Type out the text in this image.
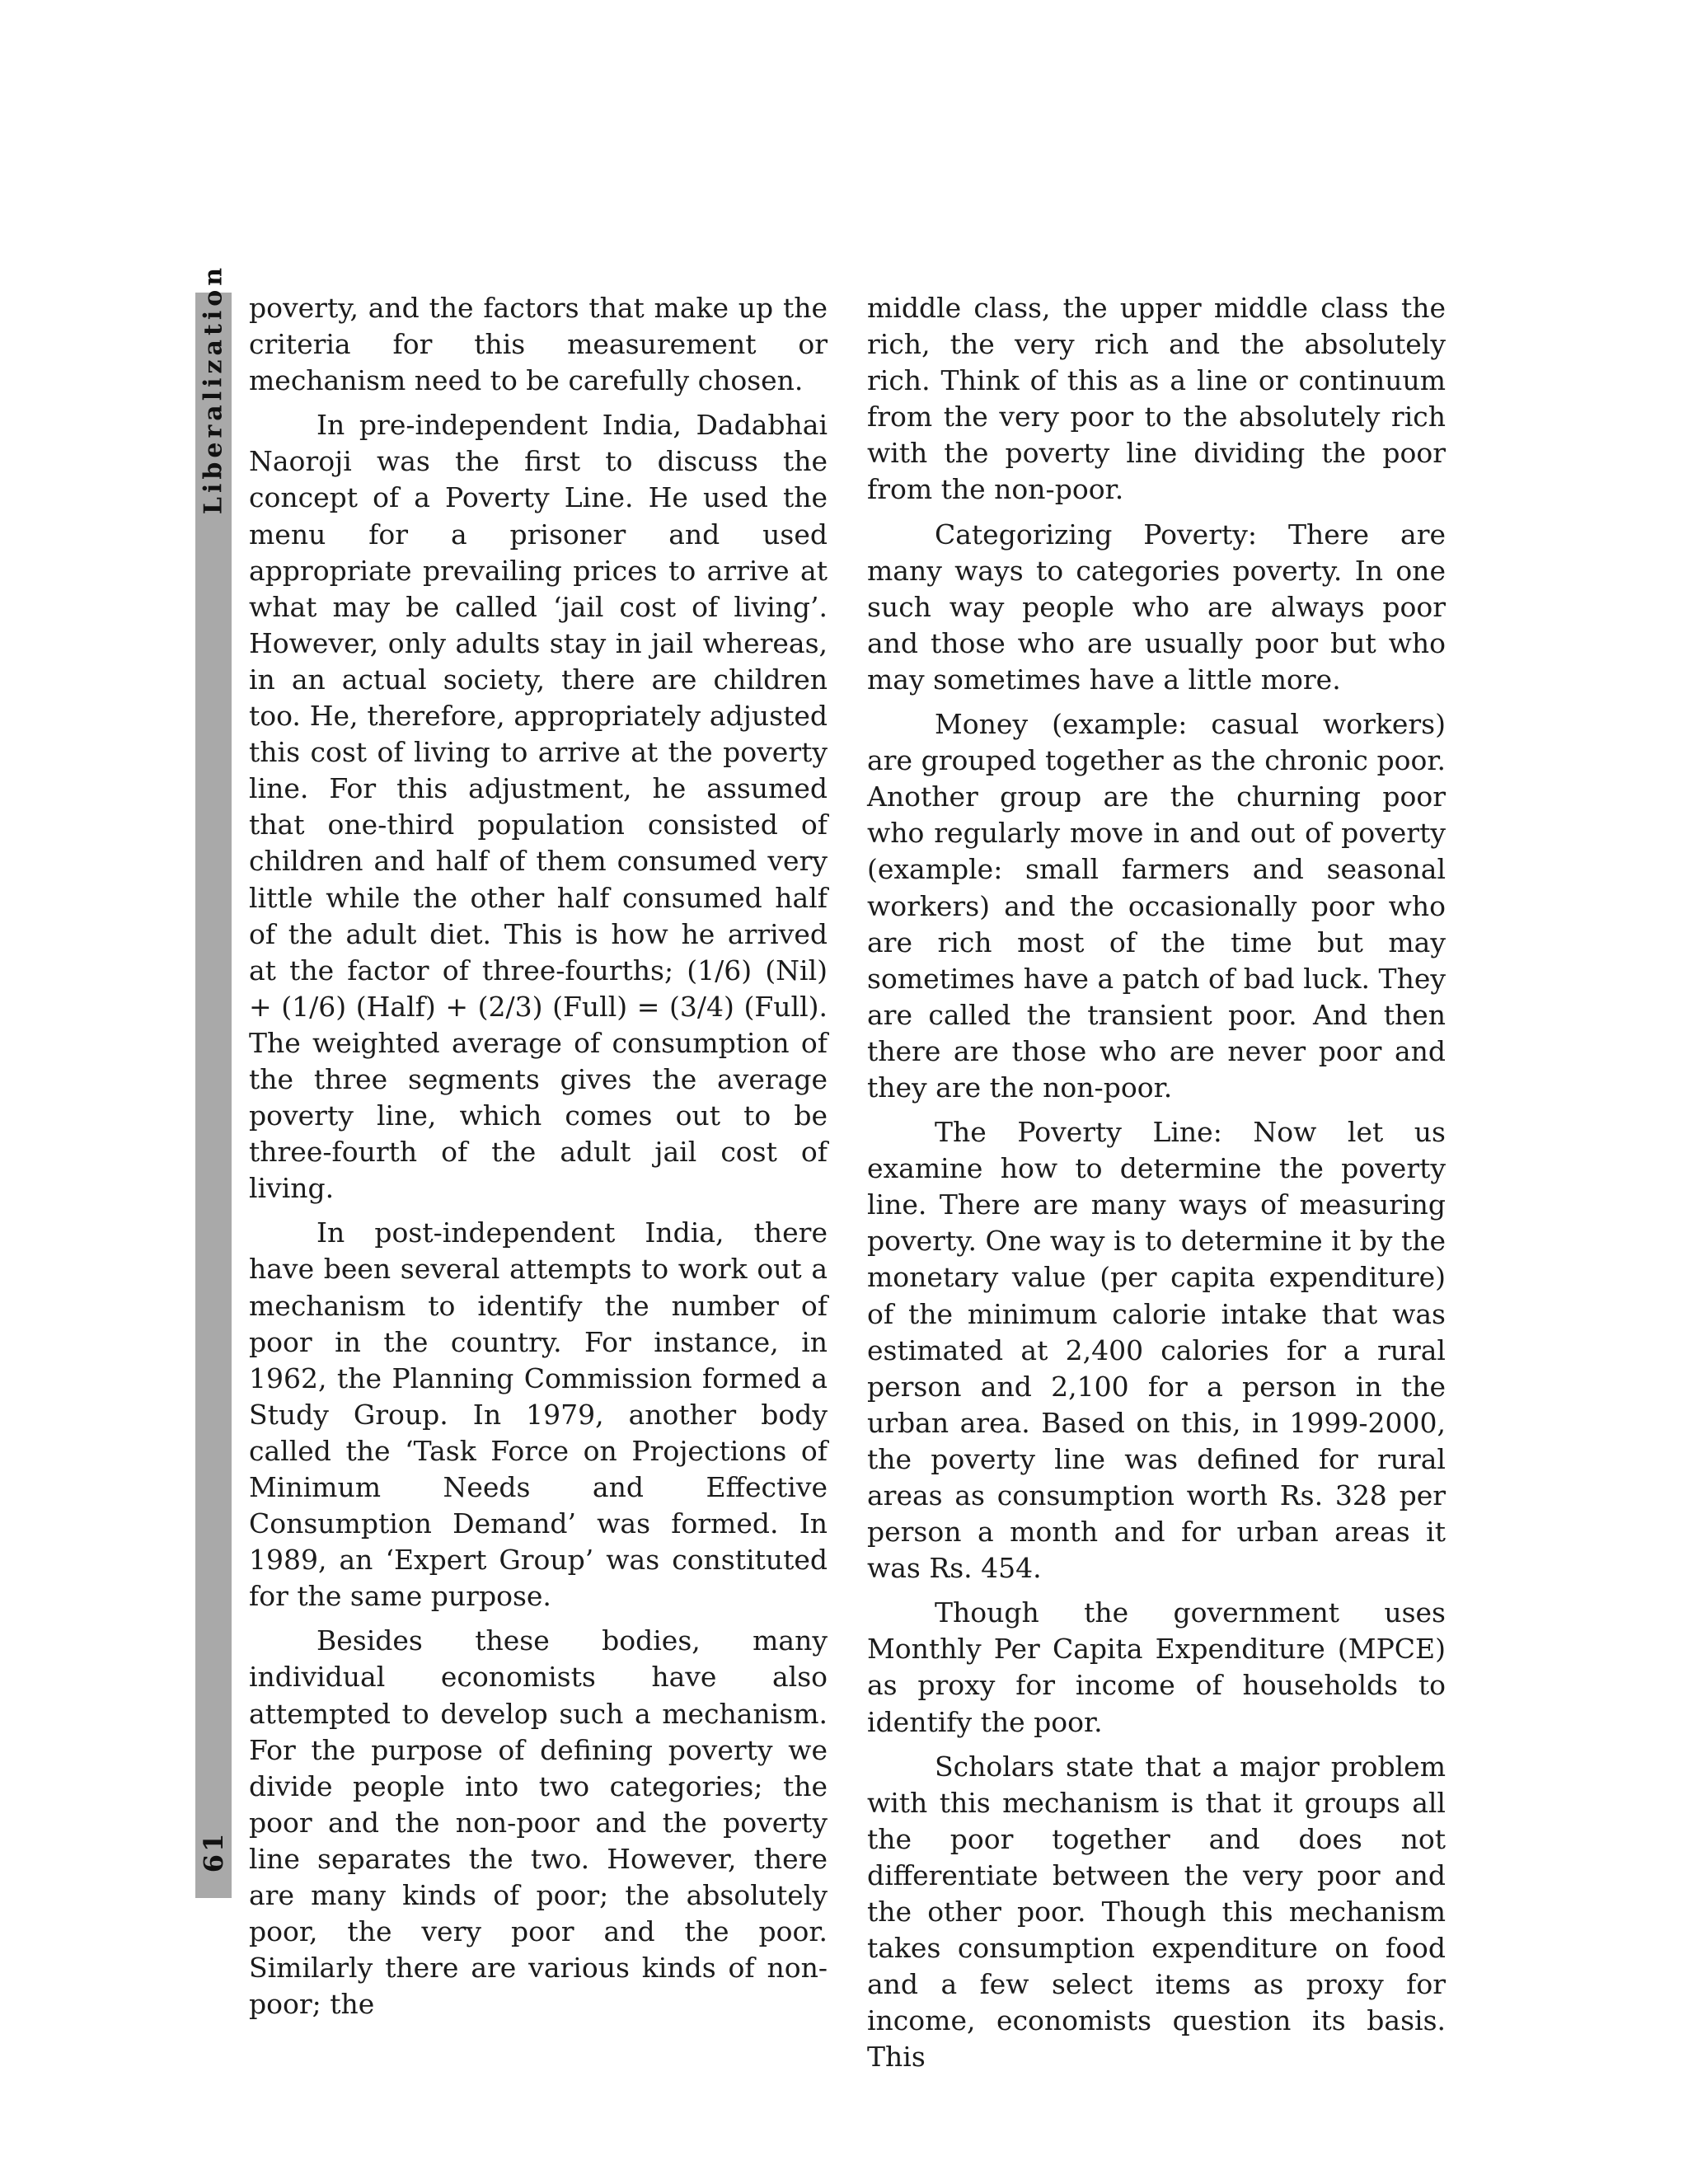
Liberalization
61

poverty, and the factors that make up the criteria for this measurement or mechanism need to be carefully chosen.

In pre-independent India, Dadabhai Naoroji was the first to discuss the concept of a Poverty Line. He used the menu for a prisoner and used appropriate prevailing prices to arrive at what may be called ‘jail cost of living’. However, only adults stay in jail whereas, in an actual society, there are children too. He, therefore, appropriately adjusted this cost of living to arrive at the poverty line. For this adjustment, he assumed that one-third population consisted of children and half of them consumed very little while the other half consumed half of the adult diet. This is how he arrived at the factor of three-fourths; (1/6) (Nil) + (1/6) (Half) + (2/3) (Full) = (3/4) (Full). The weighted average of consumption of the three segments gives the average poverty line, which comes out to be three-fourth of the adult jail cost of living.

In post-independent India, there have been several attempts to work out a mechanism to identify the number of poor in the country. For instance, in 1962, the Planning Commission formed a Study Group. In 1979, another body called the ‘Task Force on Projections of Minimum Needs and Effective Consumption Demand’ was formed. In 1989, an ‘Expert Group’ was constituted for the same purpose.

Besides these bodies, many individual economists have also attempted to develop such a mechanism. For the purpose of defining poverty we divide people into two categories; the poor and the non-poor and the poverty line separates the two. However, there are many kinds of poor; the absolutely poor, the very poor and the poor. Similarly there are various kinds of non-poor; the

middle class, the upper middle class the rich, the very rich and the absolutely rich. Think of this as a line or continuum from the very poor to the absolutely rich with the poverty line dividing the poor from the non-poor.

Categorizing Poverty: There are many ways to categories poverty. In one such way people who are always poor and those who are usually poor but who may sometimes have a little more.

Money (example: casual workers) are grouped together as the chronic poor. Another group are the churning poor who regularly move in and out of poverty (example: small farmers and seasonal workers) and the occasionally poor who are rich most of the time but may sometimes have a patch of bad luck. They are called the transient poor. And then there are those who are never poor and they are the non-poor.

The Poverty Line: Now let us examine how to determine the poverty line. There are many ways of measuring poverty. One way is to determine it by the monetary value (per capita expenditure) of the minimum calorie intake that was estimated at 2,400 calories for a rural person and 2,100 for a person in the urban area. Based on this, in 1999-2000, the poverty line was defined for rural areas as consumption worth Rs. 328 per person a month and for urban areas it was Rs. 454.

Though the government uses Monthly Per Capita Expenditure (MPCE) as proxy for income of households to identify the poor.

Scholars state that a major problem with this mechanism is that it groups all the poor together and does not differentiate between the very poor and the other poor. Though this mechanism takes consumption expenditure on food and a few select items as proxy for income, economists question its basis. This
